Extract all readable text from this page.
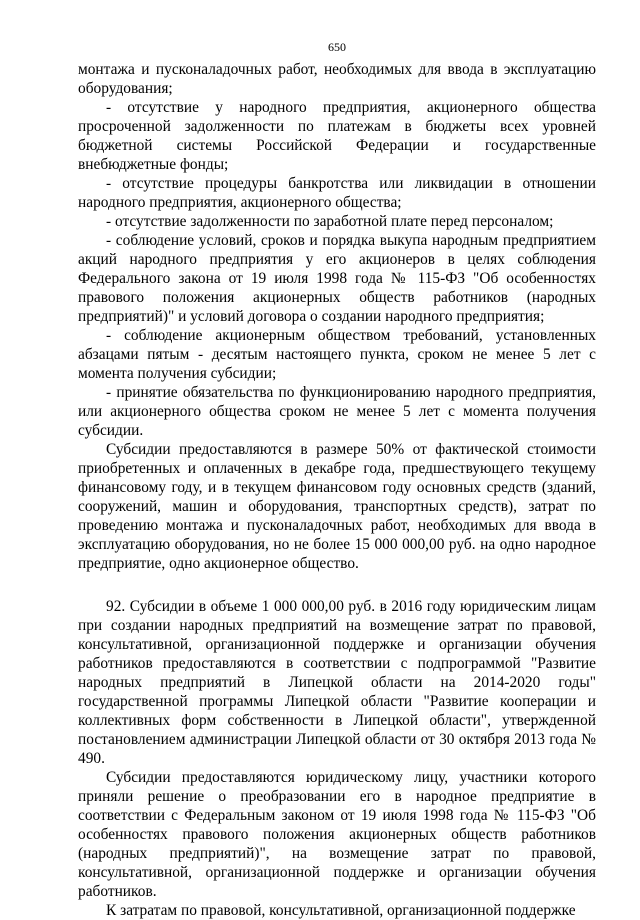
650

монтажа и пусконаладочных работ, необходимых для ввода в эксплуатацию оборудования;

- отсутствие у народного предприятия, акционерного общества просроченной задолженности по платежам в бюджеты всех уровней бюджетной системы Российской Федерации и государственные внебюджетные фонды;

- отсутствие процедуры банкротства или ликвидации в отношении народного предприятия, акционерного общества;

- отсутствие задолженности по заработной плате перед персоналом;

- соблюдение условий, сроков и порядка выкупа народным предприятием акций народного предприятия у его акционеров в целях соблюдения Федерального закона от 19 июля 1998 года № 115-ФЗ "Об особенностях правового положения акционерных обществ работников (народных предприятий)" и условий договора о создании народного предприятия;

- соблюдение акционерным обществом требований, установленных абзацами пятым - десятым настоящего пункта, сроком не менее 5 лет с момента получения субсидии;

- принятие обязательства по функционированию народного предприятия, или акционерного общества сроком не менее 5 лет с момента получения субсидии.

Субсидии предоставляются в размере 50% от фактической стоимости приобретенных и оплаченных в декабре года, предшествующего текущему финансовому году, и в текущем финансовом году основных средств (зданий, сооружений, машин и оборудования, транспортных средств), затрат по проведению монтажа и пусконаладочных работ, необходимых для ввода в эксплуатацию оборудования, но не более 15 000 000,00 руб. на одно народное предприятие, одно акционерное общество.

92. Субсидии в объеме 1 000 000,00 руб. в 2016 году юридическим лицам при создании народных предприятий на возмещение затрат по правовой, консультативной, организационной поддержке и организации обучения работников предоставляются в соответствии с подпрограммой "Развитие народных предприятий в Липецкой области на 2014-2020 годы" государственной программы Липецкой области "Развитие кооперации и коллективных форм собственности в Липецкой области", утвержденной постановлением администрации Липецкой области от 30 октября 2013 года № 490.

Субсидии предоставляются юридическому лицу, участники которого приняли решение о преобразовании его в народное предприятие в соответствии с Федеральным законом от 19 июля 1998 года № 115-ФЗ "Об особенностях правового положения акционерных обществ работников (народных предприятий)", на возмещение затрат по правовой, консультативной, организационной поддержке и организации обучения работников.

К затратам по правовой, консультативной, организационной поддержке
